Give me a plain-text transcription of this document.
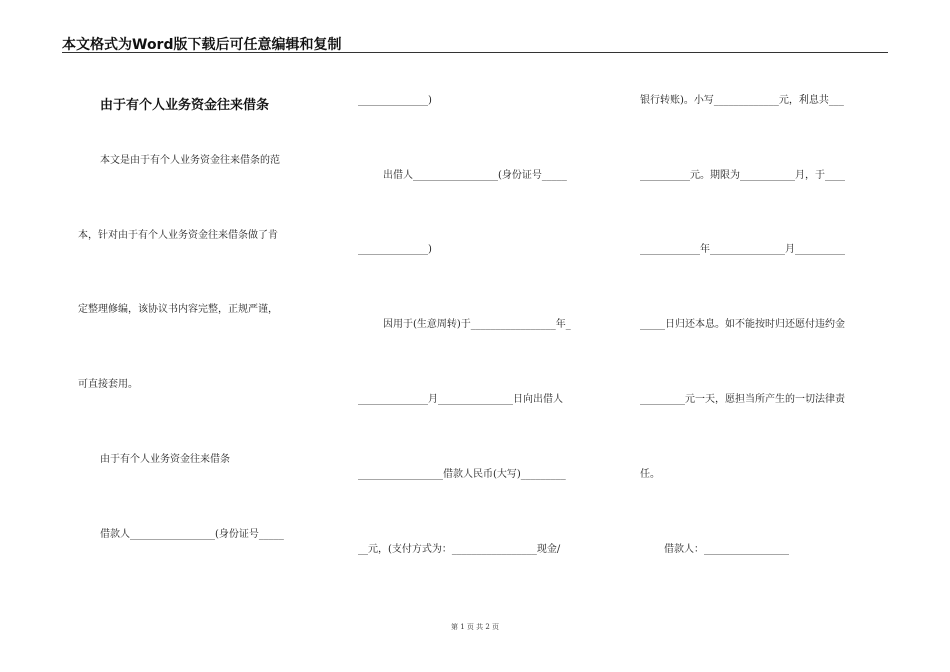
本文格式为Word版下载后可任意编辑和复制
由于有个人业务资金往来借条
本文是由于有个人业务资金往来借条的范
本，针对由于有个人业务资金往来借条做了肯
定整理修编，该协议书内容完整，正规严谨，
可直接套用。
由于有个人业务资金往来借条
借款人_________________(身份证号_____
______________)
出借人_________________(身份证号_____
______________)
因用于(生意周转)于_________________年_
______________月_______________日向出借人
_________________借款人民币(大写)_________
__元，(支付方式为：_________________现金/
银行转账)。小写_____________元，利息共___
__________元。期限为___________月，于____
____________年_______________月__________
_____日归还本息。如不能按时归还愿付违约金
_________元一天，愿担当所产生的一切法律责
任。
借款人：_________________
第 1 页 共 2 页
